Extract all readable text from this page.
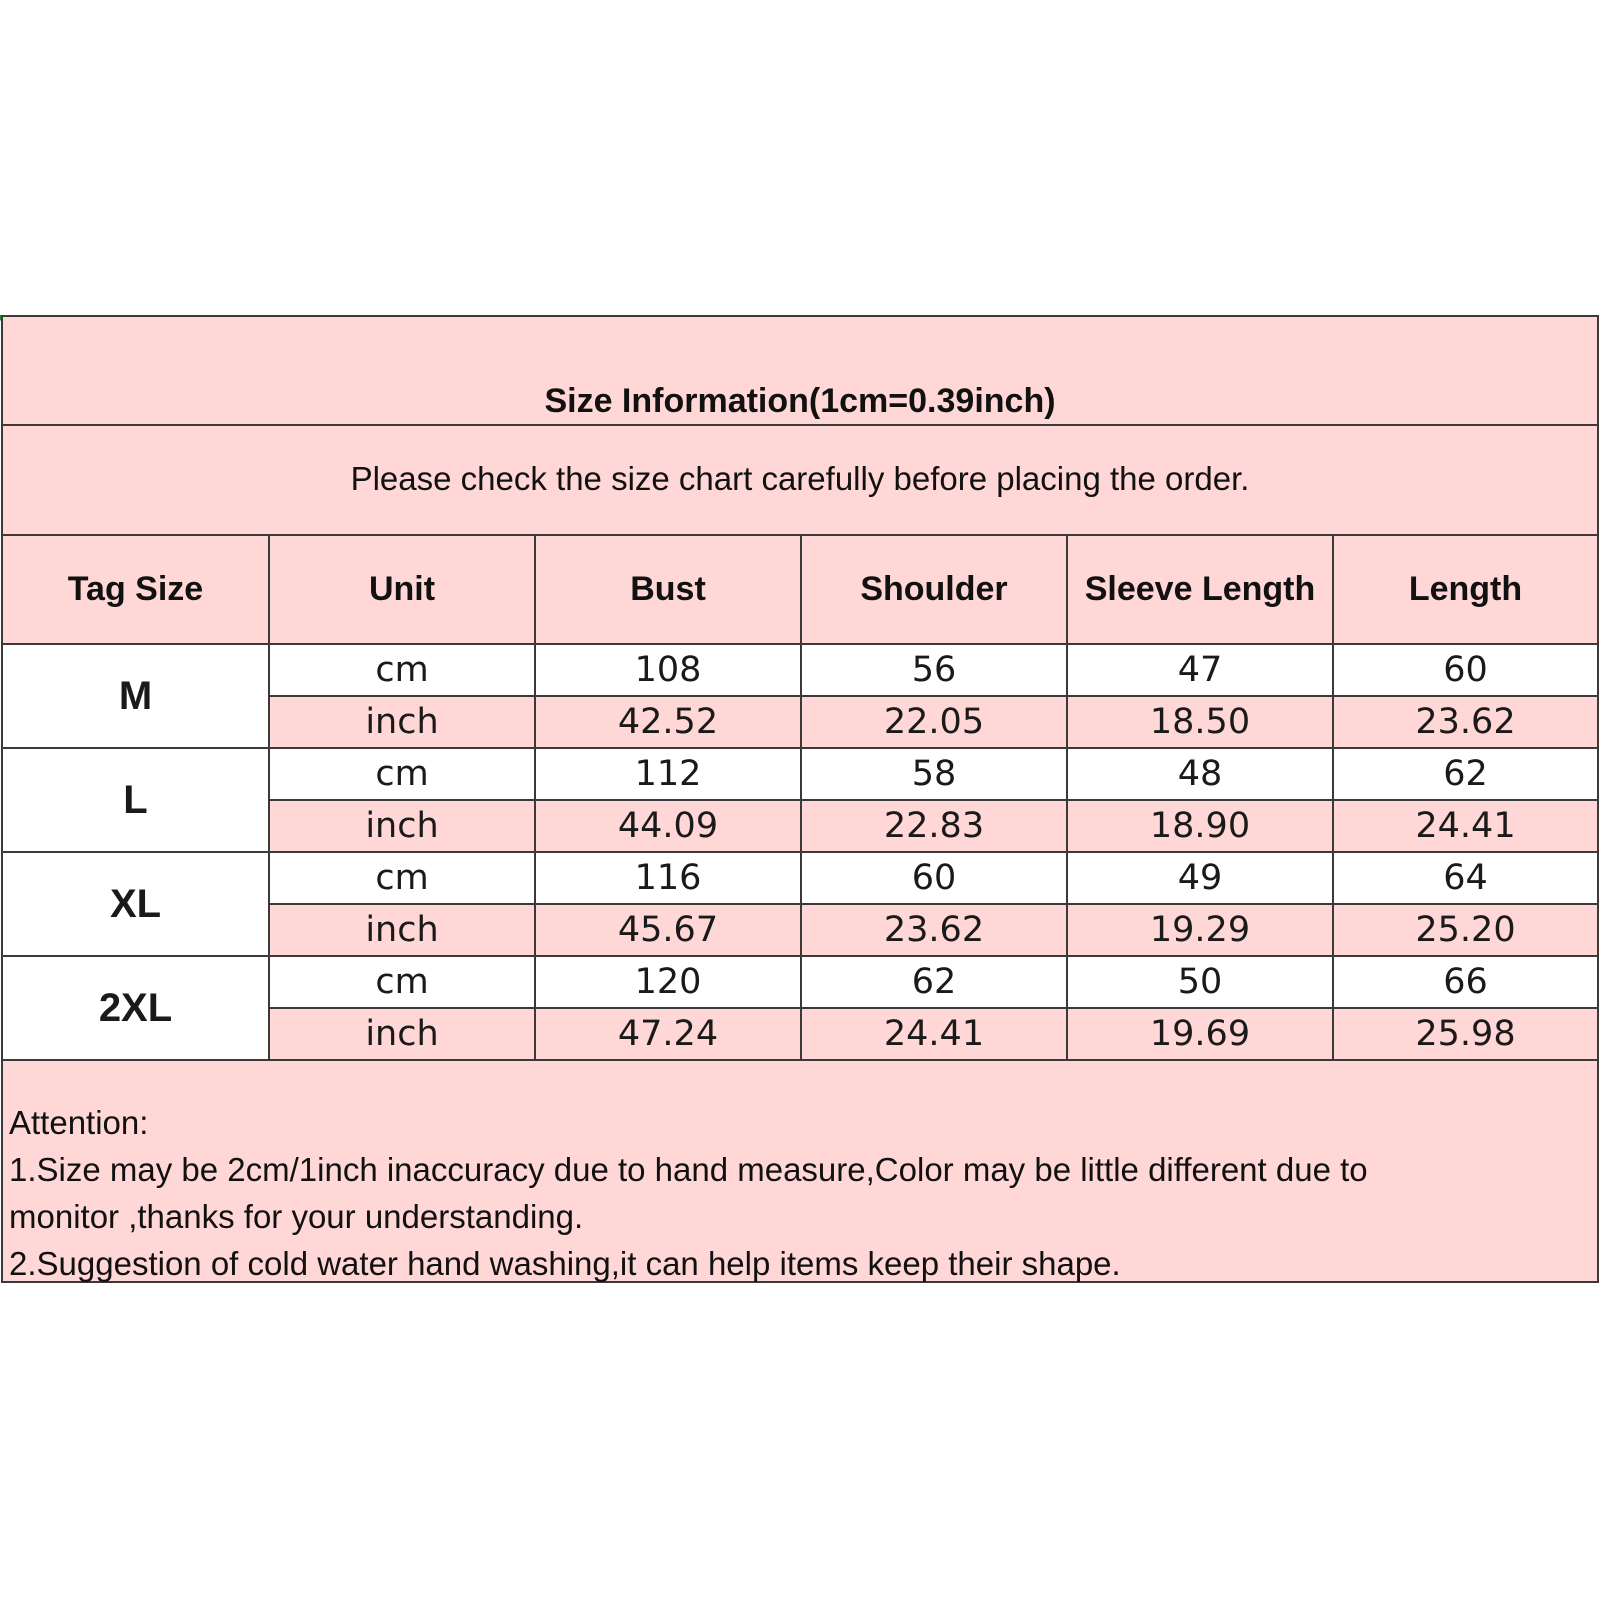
Size Information(1cm=0.39inch)
Please check the size chart carefully before placing the order.
Tag Size	Unit	Bust	Shoulder	Sleeve Length	Length
M	cm	108	56	47	60
	inch	42.52	22.05	18.50	23.62
L	cm	112	58	48	62
	inch	44.09	22.83	18.90	24.41
XL	cm	116	60	49	64
	inch	45.67	23.62	19.29	25.20
2XL	cm	120	62	50	66
	inch	47.24	24.41	19.69	25.98
Attention:
1.Size may be 2cm/1inch inaccuracy due to hand measure,Color may be little different due to
monitor ,thanks for your understanding.
2.Suggestion of cold water hand washing,it can help items keep their shape.
